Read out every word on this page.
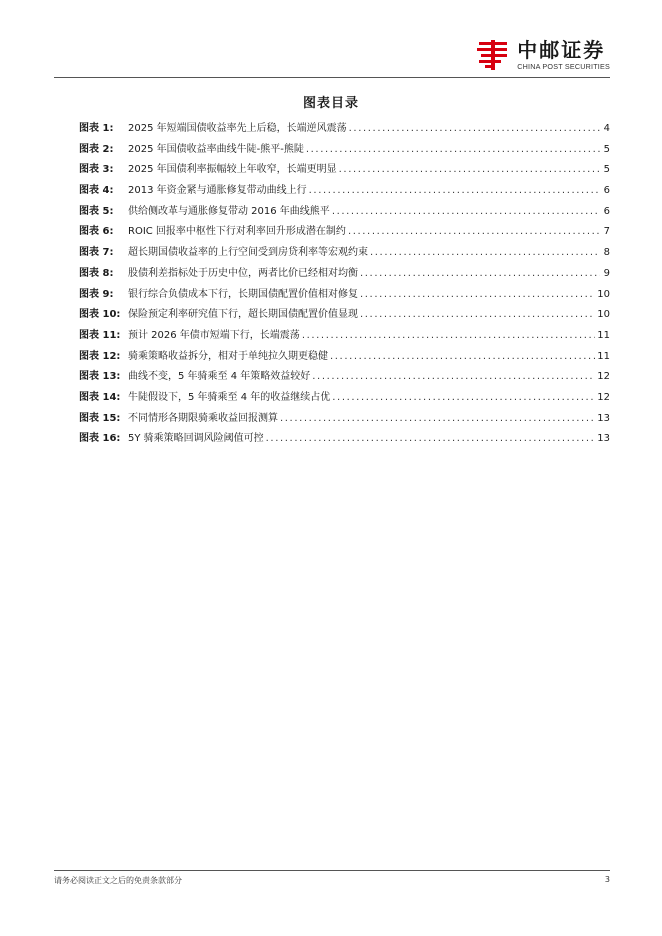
中邮证券
CHINA POST SECURITIES
图表目录
图表 1:	2025 年短端国债收益率先上后稳，长端逆风震荡 .....	4
图表 2:	2025 年国债收益率曲线牛陡-熊平-熊陡 .....	5
图表 3:	2025 年国债利率振幅较上年收窄，长端更明显 .....	5
图表 4:	2013 年资金紧与通胀修复带动曲线上行 .....	6
图表 5:	供给侧改革与通胀修复带动 2016 年曲线熊平 .....	6
图表 6:	ROIC 回报率中枢性下行对利率回升形成潜在制约 .....	7
图表 7:	超长期国债收益率的上行空间受到房贷利率等宏观约束 .....	8
图表 8:	股债利差指标处于历史中位，两者比价已经相对均衡 .....	9
图表 9:	银行综合负债成本下行，长期国债配置价值相对修复 .....	10
图表 10: 保险预定利率研究值下行，超长期国债配置价值显现 .....	10
图表 11: 预计 2026 年债市短端下行，长端震荡 .....	11
图表 12: 骑乘策略收益拆分，相对于单纯拉久期更稳健 .....	11
图表 13: 曲线不变，5 年骑乘至 4 年策略效益较好 .....	12
图表 14: 牛陡假设下，5 年骑乘至 4 年的收益继续占优 .....	12
图表 15: 不同情形各期限骑乘收益回报测算 .....	13
图表 16: 5Y 骑乘策略回调风险阈值可控 .....	13
请务必阅读正文之后的免责条款部分	3
